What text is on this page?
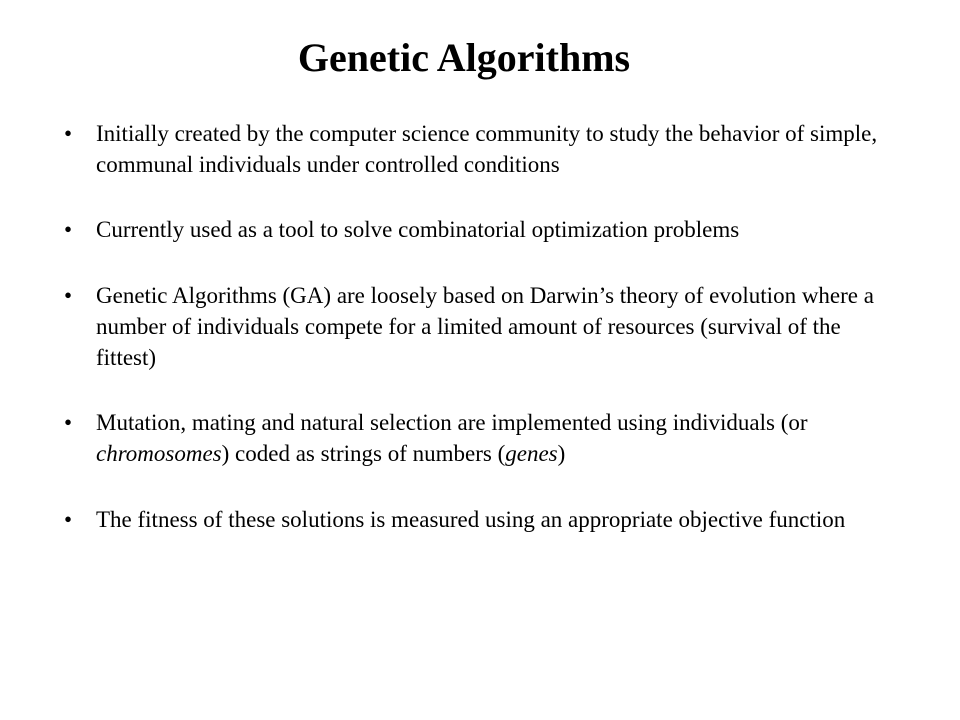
Genetic Algorithms
• Initially created by the computer science community to study the behavior of simple, communal individuals under controlled conditions
• Currently used as a tool to solve combinatorial optimization problems
• Genetic Algorithms (GA) are loosely based on Darwin’s theory of evolution where a number of individuals compete for a limited amount of resources (survival of the fittest)
• Mutation, mating and natural selection are implemented using individuals (or chromosomes) coded as strings of numbers (genes)
• The fitness of these solutions is measured using an appropriate objective function
